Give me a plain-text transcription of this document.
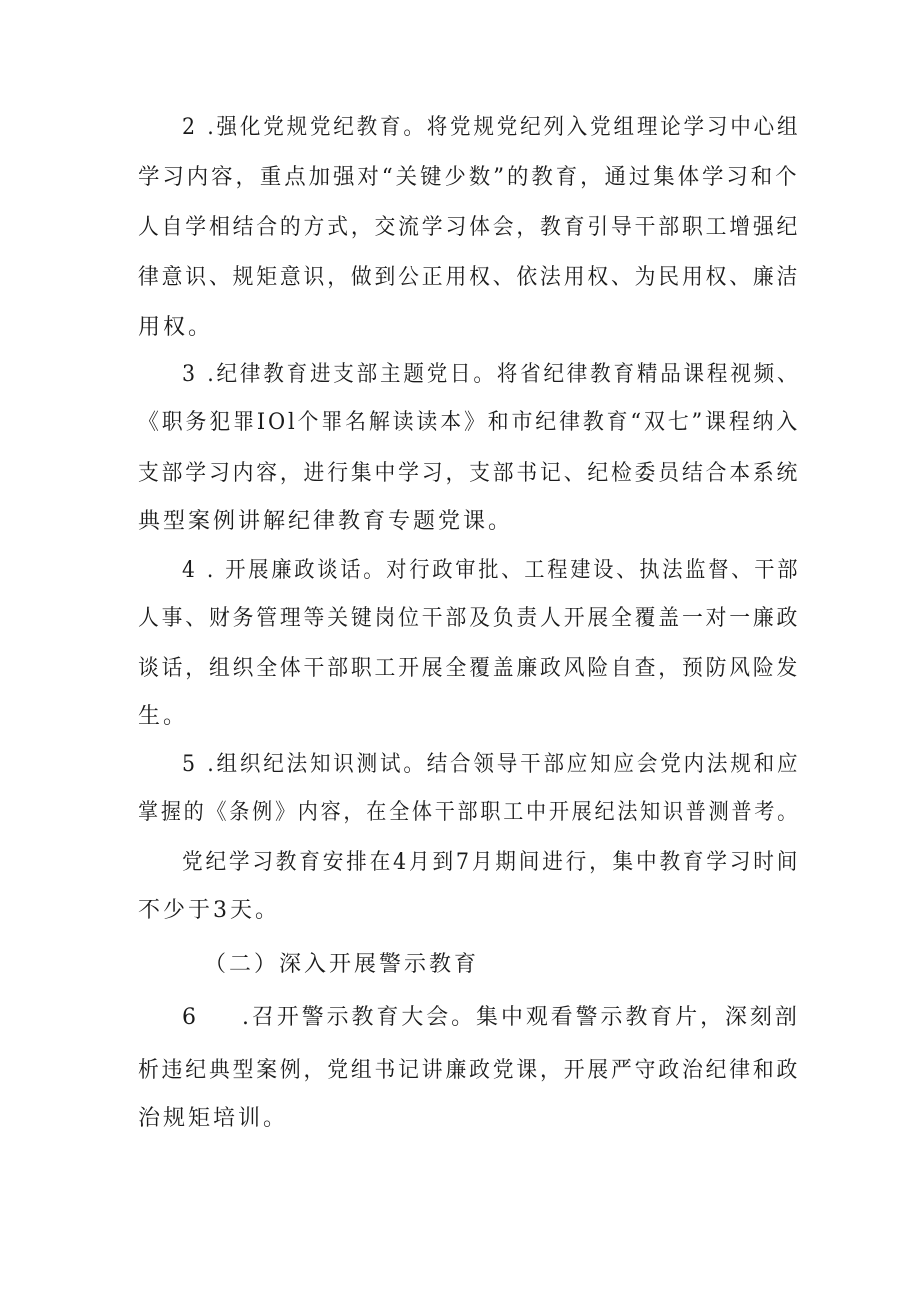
2 .强化党规党纪教育。将党规党纪列入党组理论学习中心组
学习内容，重点加强对“关键少数”的教育，通过集体学习和个
人自学相结合的方式，交流学习体会，教育引导干部职工增强纪
律意识、规矩意识，做到公正用权、依法用权、为民用权、廉洁
用权。
3 .纪律教育进支部主题党日。将省纪律教育精品课程视频、
《职务犯罪IOl个罪名解读读本》和市纪律教育“双七”课程纳入
支部学习内容，进行集中学习，支部书记、纪检委员结合本系统
典型案例讲解纪律教育专题党课。
4 . 开展廉政谈话。对行政审批、工程建设、执法监督、干部
人事、财务管理等关键岗位干部及负责人开展全覆盖一对一廉政
谈话，组织全体干部职工开展全覆盖廉政风险自查，预防风险发
生。
5 .组织纪法知识测试。结合领导干部应知应会党内法规和应
掌握的《条例》内容，在全体干部职工中开展纪法知识普测普考。
党纪学习教育安排在4月到7月期间进行，集中教育学习时间
不少于3天。
（二）深入开展警示教育
6 .召开警示教育大会。集中观看警示教育片，深刻剖
析违纪典型案例，党组书记讲廉政党课，开展严守政治纪律和政
治规矩培训。
